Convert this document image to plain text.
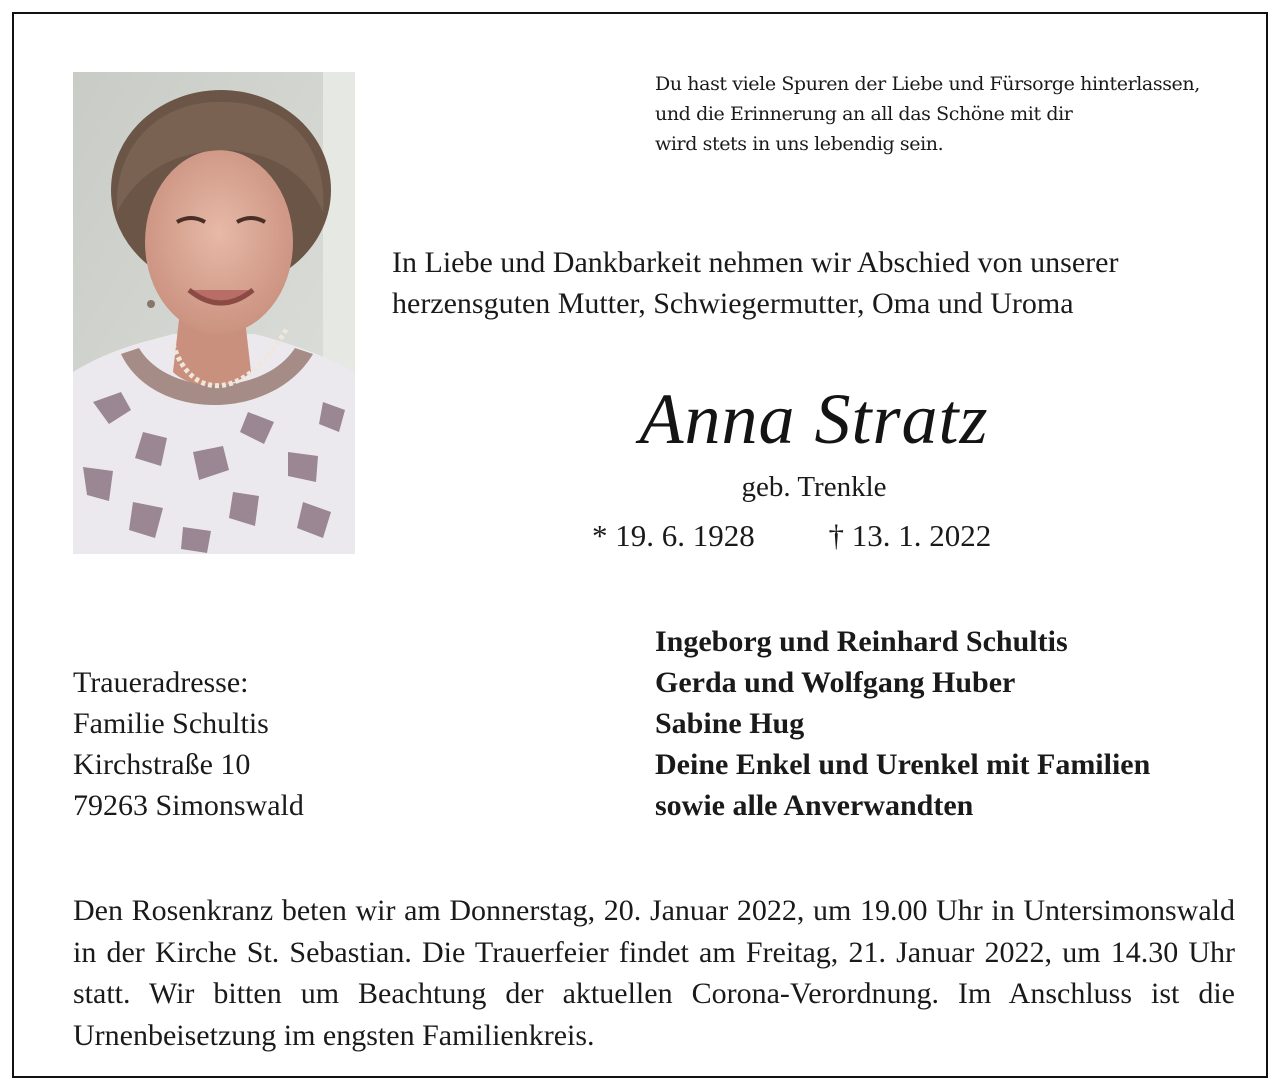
Du hast viele Spuren der Liebe und Fürsorge hinterlassen,
und die Erinnerung an all das Schöne mit dir
wird stets in uns lebendig sein.
In Liebe und Dankbarkeit nehmen wir Abschied von unserer
herzensguten Mutter, Schwiegermutter, Oma und Uroma
Anna Stratz
geb. Trenkle
* 19. 6. 1928 † 13. 1. 2022
Traueradresse:
Familie Schultis
Kirchstraße 10
79263 Simonswald
Ingeborg und Reinhard Schultis
Gerda und Wolfgang Huber
Sabine Hug
Deine Enkel und Urenkel mit Familien
sowie alle Anverwandten
Den Rosenkranz beten wir am Donnerstag, 20. Januar 2022, um 19.00 Uhr in Untersimonswald in der Kirche St. Sebastian. Die Trauerfeier findet am Freitag, 21. Januar 2022, um 14.30 Uhr statt. Wir bitten um Beachtung der aktuellen Corona-​Verordnung. Im Anschluss ist die Urnenbeisetzung im engsten Familienkreis.
